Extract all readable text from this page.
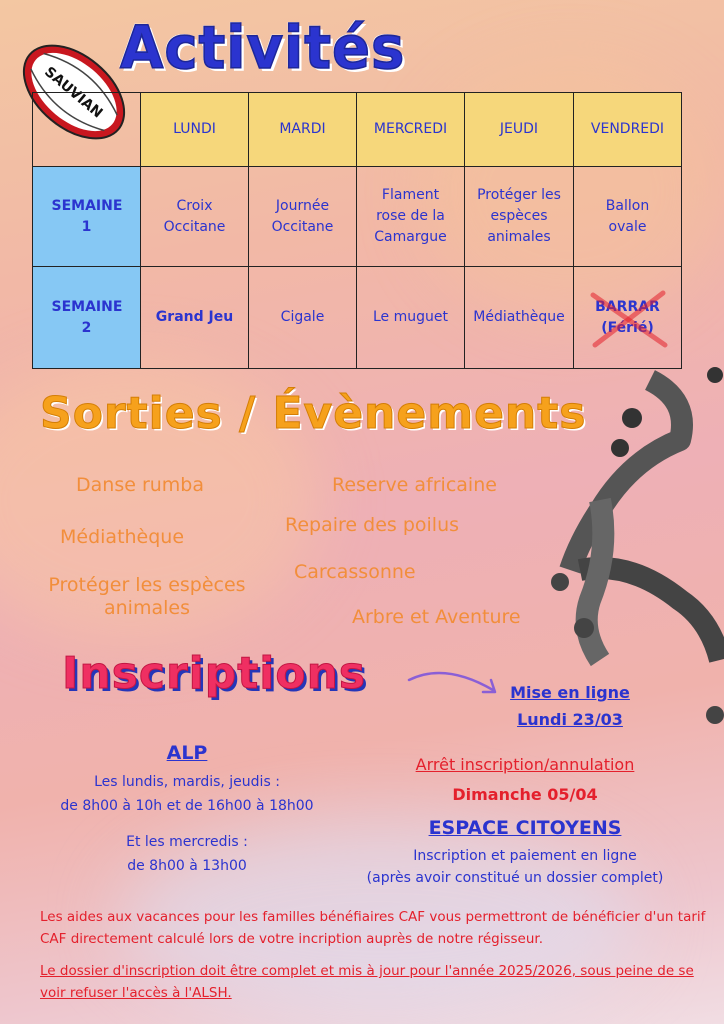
SAUVIAN
Activités
	LUNDI	MARDI	MERCREDI	JEUDI	VENDREDI
SEMAINE 1	Croix Occitane	Journée Occitane	Flament rose de la Camargue	Protéger les espèces animales	Ballon ovale
SEMAINE 2	Grand Jeu	Cigale	Le muguet	Médiathèque	BARRAR (Férié)
Sorties / Évènements
Danse rumba	Reserve africaine
Médiathèque
Repaire des poilus
Carcassonne
Protéger les espèces animales	Arbre et Aventure
Inscriptions	Mise en ligne
Lundi 23/03
ALP
Les lundis, mardis, jeudis :
de 8h00 à 10h et de 16h00 à 18h00
Et les mercredis :
de 8h00 à 13h00
Arrêt inscription/annulation
Dimanche 05/04
ESPACE CITOYENS
Inscription et paiement en ligne
(après avoir constitué un dossier complet)
Les aides aux vacances pour les familles bénéfiaires CAF vous permettront de bénéficier d'un tarif CAF directement calculé lors de votre incription auprès de notre régisseur.
Le dossier d'inscription doit être complet et mis à jour pour l'année 2025/2026, sous peine de se voir refuser l'accès à l'ALSH.
